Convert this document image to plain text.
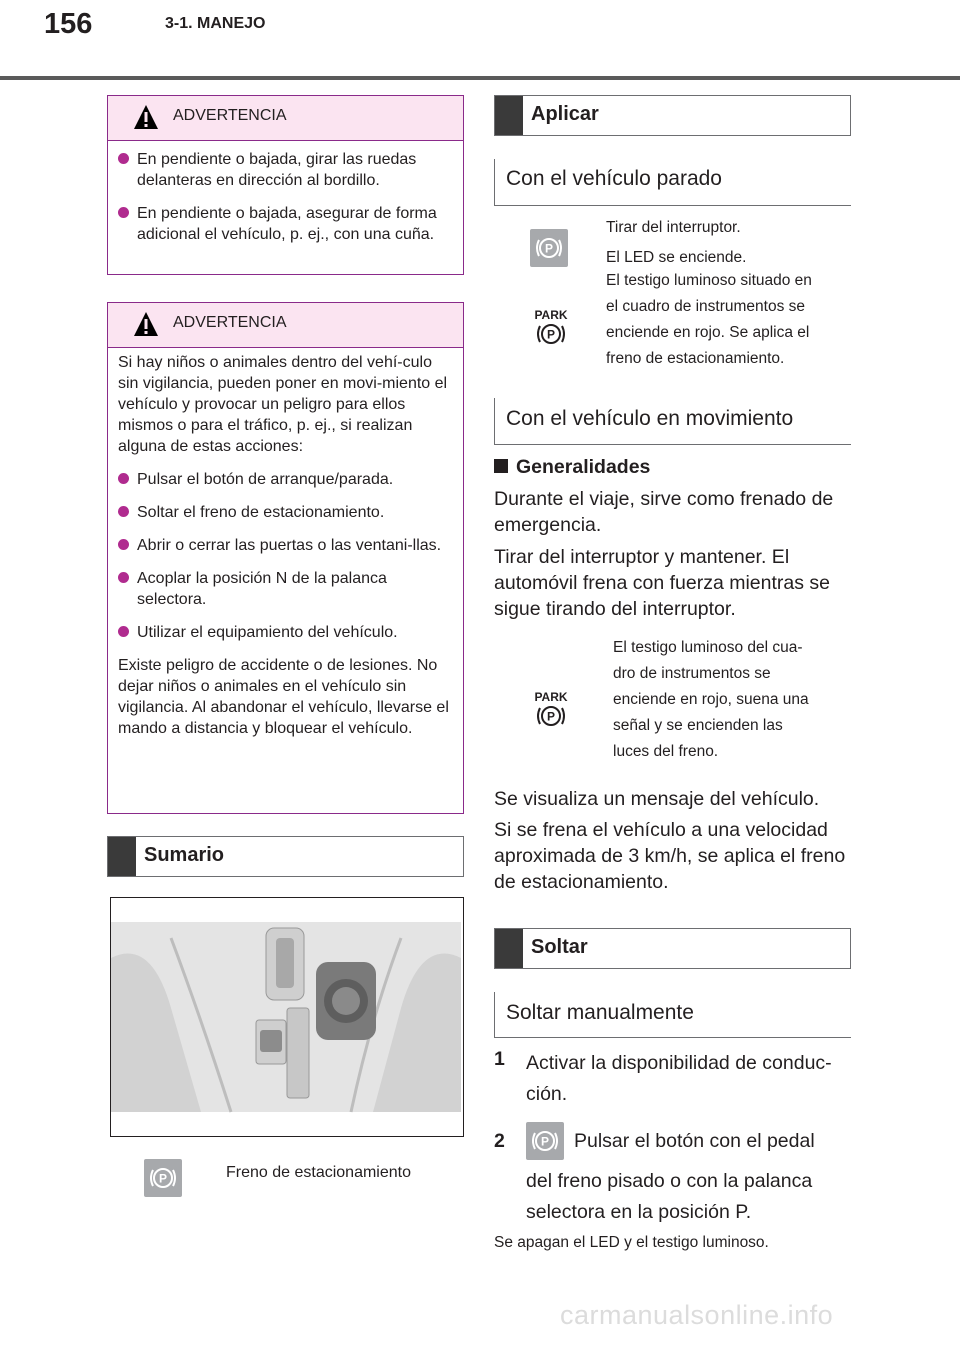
156	3-1. MANEJO
ADVERTENCIA
En pendiente o bajada, girar las ruedas delanteras en dirección al bordillo.
En pendiente o bajada, asegurar de forma adicional el vehículo, p. ej., con una cuña.
ADVERTENCIA
Si hay niños o animales dentro del vehí-culo sin vigilancia, pueden poner en movi-miento el vehículo y provocar un peligro para ellos mismos o para el tráfico, p. ej., si realizan alguna de estas acciones:
Pulsar el botón de arranque/parada.
Soltar el freno de estacionamiento.
Abrir o cerrar las puertas o las ventani-llas.
Acoplar la posición N de la palanca selectora.
Utilizar el equipamiento del vehículo.
Existe peligro de accidente o de lesiones. No dejar niños o animales en el vehículo sin vigilancia. Al abandonar el vehículo, llevarse el mando a distancia y bloquear el vehículo.
Sumario
P	Freno de estacionamiento
Aplicar
Con el vehículo parado
P
Tirar del interruptor.
El LED se enciende.
PARK
P
El testigo luminoso situado en
el cuadro de instrumentos se
enciende en rojo. Se aplica el
freno de estacionamiento.
Con el vehículo en movimiento
Generalidades
Durante el viaje, sirve como frenado de emergencia.
Tirar del interruptor y mantener. El automóvil frena con fuerza mientras se sigue tirando del interruptor.
PARK
P
El testigo luminoso del cua-
dro de instrumentos se
enciende en rojo, suena una
señal y se encienden las
luces del freno.
Se visualiza un mensaje del vehículo.
Si se frena el vehículo a una velocidad aproximada de 3 km/h, se aplica el freno de estacionamiento.
Soltar
Soltar manualmente
1 Activar la disponibilidad de conduc-
ción.
2	P Pulsar el botón con el pedal
del freno pisado o con la palanca
selectora en la posición P.
Se apagan el LED y el testigo luminoso.
carmanualsonline.info
